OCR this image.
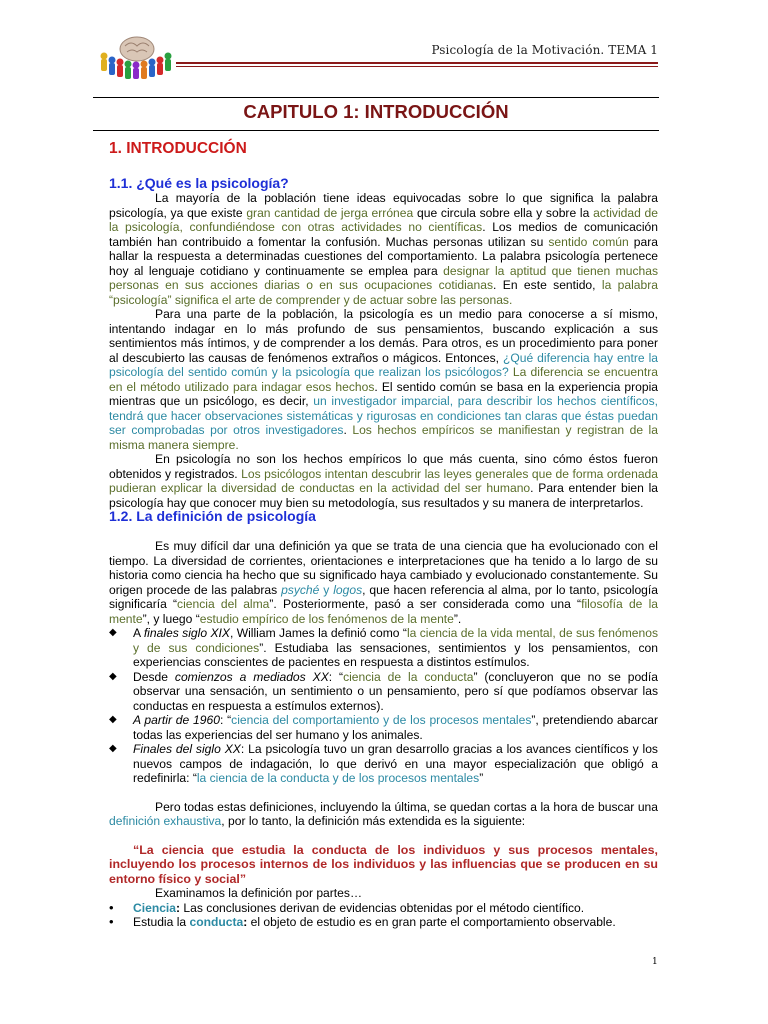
Psicología de la Motivación. TEMA 1
CAPITULO 1: INTRODUCCIÓN
1. INTRODUCCIÓN
1.1. ¿Qué es la psicología?

La mayoría de la población tiene ideas equivocadas sobre lo que significa la palabra psicología, ya que existe gran cantidad de jerga errónea que circula sobre ella y sobre la actividad de la psicología, confundiéndose con otras actividades no científicas. Los medios de comunicación también han contribuido a fomentar la confusión. Muchas personas utilizan su sentido común para hallar la respuesta a determinadas cuestiones del comportamiento. La palabra psicología pertenece hoy al lenguaje cotidiano y continuamente se emplea para designar la aptitud que tienen muchas personas en sus acciones diarias o en sus ocupaciones cotidianas. En este sentido, la palabra “psicología” significa el arte de comprender y de actuar sobre las personas.

Para una parte de la población, la psicología es un medio para conocerse a sí mismo, intentando indagar en lo más profundo de sus pensamientos, buscando explicación a sus sentimientos más íntimos, y de comprender a los demás. Para otros, es un procedimiento para poner al descubierto las causas de fenómenos extraños o mágicos. Entonces, ¿Qué diferencia hay entre la psicología del sentido común y la psicología que realizan los psicólogos? La diferencia se encuentra en el método utilizado para indagar esos hechos. El sentido común se basa en la experiencia propia mientras que un psicólogo, es decir, un investigador imparcial, para describir los hechos científicos, tendrá que hacer observaciones sistemáticas y rigurosas en condiciones tan claras que éstas puedan ser comprobadas por otros investigadores. Los hechos empíricos se manifiestan y registran de la misma manera siempre.

En psicología no son los hechos empíricos lo que más cuenta, sino cómo éstos fueron obtenidos y registrados. Los psicólogos intentan descubrir las leyes generales que de forma ordenada pudieran explicar la diversidad de conductas en la actividad del ser humano. Para entender bien la psicología hay que conocer muy bien su metodología, sus resultados y su manera de interpretarlos.

1.2. La definición de psicología

Es muy difícil dar una definición ya que se trata de una ciencia que ha evolucionado con el tiempo. La diversidad de corrientes, orientaciones e interpretaciones que ha tenido a lo largo de su historia como ciencia ha hecho que su significado haya cambiado y evolucionado constantemente. Su origen procede de las palabras psyché y logos, que hacen referencia al alma, por lo tanto, psicología significaría “ciencia del alma”. Posteriormente, pasó a ser considerada como una “filosofía de la mente”, y luego “estudio empírico de los fenómenos de la mente”.

◆ A finales siglo XIX, William James la definió como “la ciencia de la vida mental, de sus fenómenos y de sus condiciones”. Estudiaba las sensaciones, sentimientos y los pensamientos, con experiencias conscientes de pacientes en respuesta a distintos estímulos.

◆ Desde comienzos a mediados XX: “ciencia de la conducta” (concluyeron que no se podía observar una sensación, un sentimiento o un pensamiento, pero sí que podíamos observar las conductas en respuesta a estímulos externos).

◆ A partir de 1960: “ciencia del comportamiento y de los procesos mentales”, pretendiendo abarcar todas las experiencias del ser humano y los animales.

◆ Finales del siglo XX: La psicología tuvo un gran desarrollo gracias a los avances científicos y los nuevos campos de indagación, lo que derivó en una mayor especialización que obligó a redefinirla: “la ciencia de la conducta y de los procesos mentales”

Pero todas estas definiciones, incluyendo la última, se quedan cortas a la hora de buscar una definición exhaustiva, por lo tanto, la definición más extendida es la siguiente:

“La ciencia que estudia la conducta de los individuos y sus procesos mentales, incluyendo los procesos internos de los individuos y las influencias que se producen en su entorno físico y social”

Examinamos la definición por partes…

• Ciencia: Las conclusiones derivan de evidencias obtenidas por el método científico.

• Estudia la conducta: el objeto de estudio es en gran parte el comportamiento observable.

1
